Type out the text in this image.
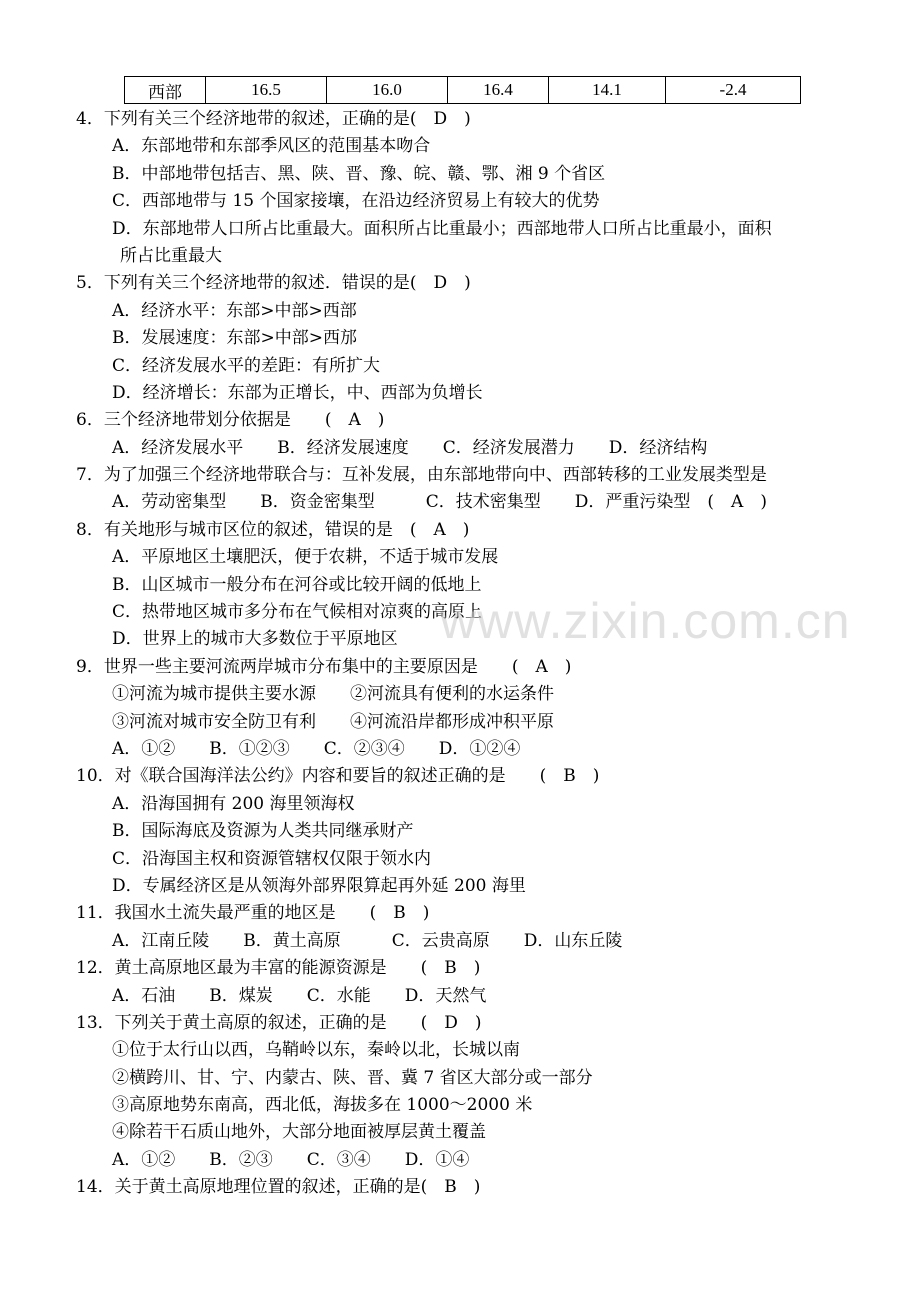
西部	16.5	16.0	16.4	14.1	-2.4
4．下列有关三个经济地带的叙述，正确的是(　D　)
A．东部地带和东部季风区的范围基本吻合
B．中部地带包括吉、黑、陕、晋、豫、皖、赣、鄂、湘 9 个省区
C．西部地带与 15 个国家接壤，在沿边经济贸易上有较大的优势
D．东部地带人口所占比重最大。面积所占比重最小；西部地带人口所占比重最小，面积
所占比重最大
5．下列有关三个经济地带的叙述．错误的是(　D　)
A．经济水平：东部>中部>西部
B．发展速度：东部>中部>西邡
C．经济发展水平的差距：有所扩大
D．经济增长：东部为正增长，中、西部为负增长
6．三个经济地带划分依据是　　(　A　)
A．经济发展水平　　B．经济发展速度　　C．经济发展潜力　　D．经济结构
7．为了加强三个经济地带联合与：互补发展，由东部地带向中、西部转移的工业发展类型是
A．劳动密集型　　B．资金密集型　　　C．技术密集型　　D．严重污染型　(　A　)
8．有关地形与城市区位的叙述，错误的是　(　A　)
A．平原地区土壤肥沃，便于农耕，不适于城市发展
B．山区城市一般分布在河谷或比较开阔的低地上
C．热带地区城市多分布在气候相对凉爽的高原上
D．世界上的城市大多数位于平原地区
9．世界一些主要河流两岸城市分布集中的主要原因是　　(　A　)
①河流为城市提供主要水源　　②河流具有便利的水运条件
③河流对城市安全防卫有利　　④河流沿岸都形成冲积平原
A．①②　　B．①②③　　C．②③④　　D．①②④
10．对《联合国海洋法公约》内容和要旨的叙述正确的是　　(　B　)
A．沿海国拥有 200 海里领海权
B．国际海底及资源为人类共同继承财产
C．沿海国主权和资源管辖权仅限于领水内
D．专属经济区是从领海外部界限算起再外延 200 海里
11．我国水土流失最严重的地区是　　(　B　)
A．江南丘陵　　B．黄土高原　　　C．云贵高原　　D．山东丘陵
12．黄土高原地区最为丰富的能源资源是　　(　B　)
A．石油　　B．煤炭　　C．水能　　D．天然气
13．下列关于黄土高原的叙述，正确的是　　(　D　)
①位于太行山以西，乌鞘岭以东，秦岭以北，长城以南
②横跨川、甘、宁、内蒙古、陕、晋、冀 7 省区大部分或一部分
③高原地势东南高，西北低，海拔多在 1000～2000 米
④除若干石质山地外，大部分地面被厚层黄土覆盖
A．①②　　B．②③　　C．③④　　D．①④
14．关于黄土高原地理位置的叙述，正确的是(　B　)
www.zixin.com.cn
